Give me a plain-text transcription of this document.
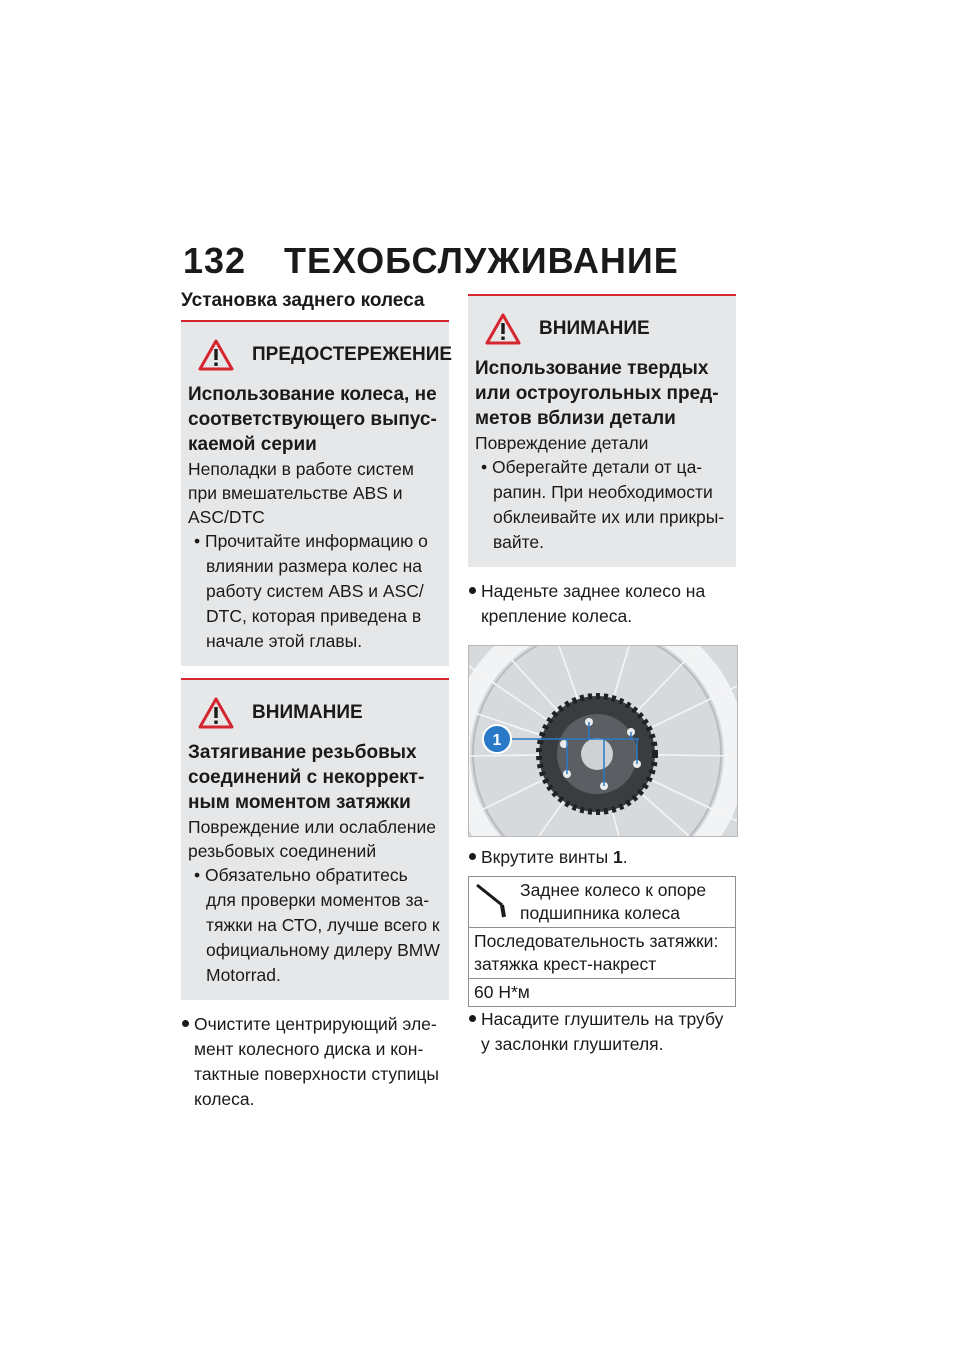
132 ТЕХОБСЛУЖИВАНИЕ
Установка заднего колеса
ПРЕДОСТЕРЕЖЕНИЕ
Использование колеса, не соответствующего выпус- каемой серии
Неполадки в работе систем при вмешательстве ABS и ASC/DTC
• Прочитайте информацию о влиянии размера колес на работу систем ABS и ASC/ DTC, которая приведена в начале этой главы.
ВНИМАНИЕ
Затягивание резьбовых соединений с некоррект- ным моментом затяжки
Повреждение или ослабление резьбовых соединений
• Обязательно обратитесь для проверки моментов за- тяжки на СТО, лучше всего к официальному дилеру BMW Motorrad.
Очистите центрирующий эле- мент колесного диска и кон- тактные поверхности ступицы колеса.
ВНИМАНИЕ
Использование твердых или остроугольных пред- метов вблизи детали
Повреждение детали
• Оберегайте детали от ца- рапин. При необходимости обклеивайте их или прикры- вайте.
Наденьте заднее колесо на крепление колеса.
1
Вкрутите винты 1.
Заднее колесо к опоре подшипника колеса

Последовательность затяжки: затяжка крест-накрест
60 Н*м
Насадите глушитель на трубу у заслонки глушителя.
